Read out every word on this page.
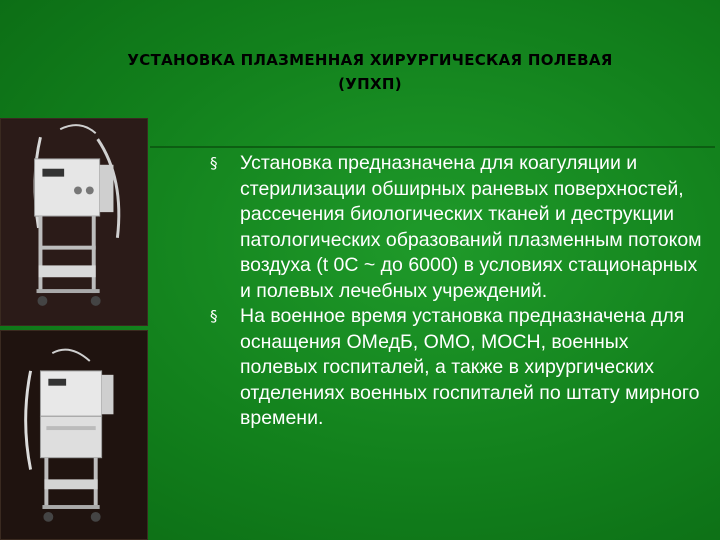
УСТАНОВКА ПЛАЗМЕННАЯ ХИРУРГИЧЕСКАЯ ПОЛЕВАЯ
(УПХП)
§	Установка предназначена для коагуляции и стерилизации обширных раневых поверхностей, рассечения биологических тканей и деструкции патологических образований плазменным потоком воздуха (t 0С ~ до 6000) в условиях стационарных и полевых лечебных учреждений.
§	На военное время установка предназначена для оснащения ОМедБ, ОМО, МОСН, военных полевых госпиталей, а также в хирургических отделениях военных госпиталей по штату мирного времени.
